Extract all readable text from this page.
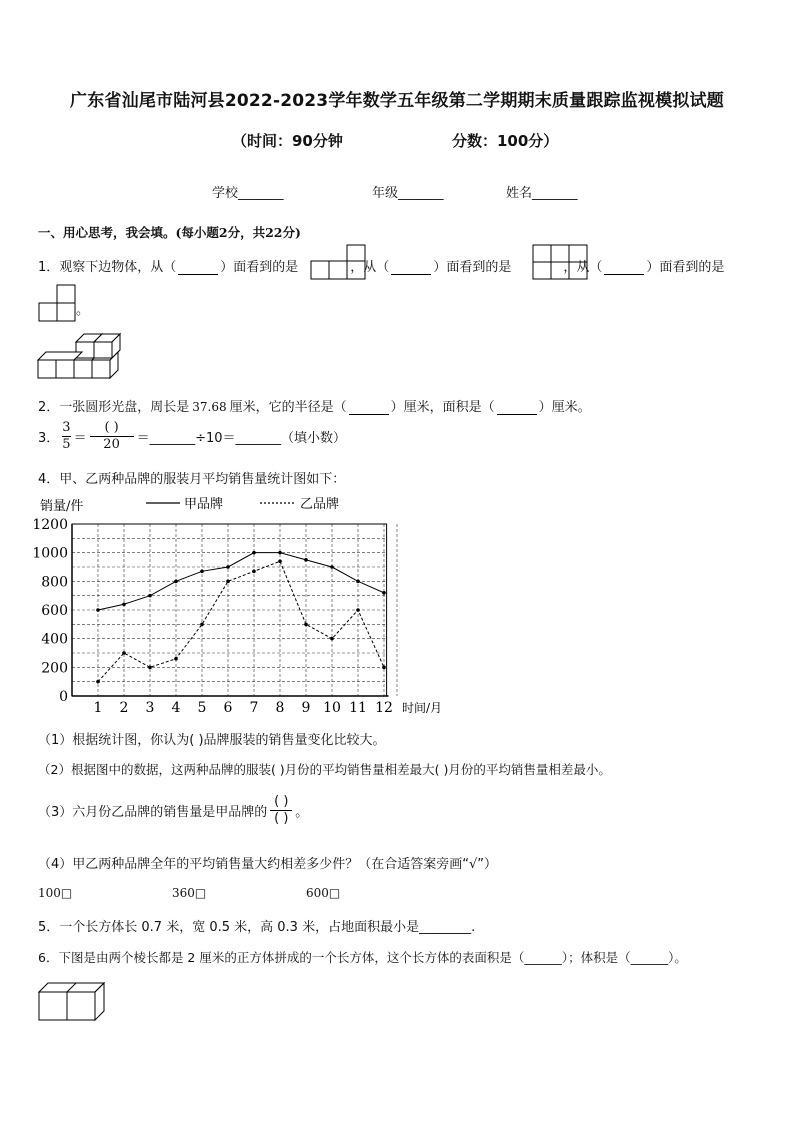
广东省汕尾市陆河县2022-2023学年数学五年级第二学期期末质量跟踪监视模拟试题
（时间：90分钟	分数：100分）
学校_______	年级_______	姓名_______
一、用心思考，我会填。(每小题2分，共22分)
1．观察下边物体，从（	）面看到的是	，从（	）面看到的是	，从（	）面看到的是
。
2．一张圆形光盘，周长是 37.68 厘米，它的半径是（	）厘米，面积是（	）厘米。
3． $\frac{3}{5} = \frac{( )}{20}$ ＝_______÷10＝_______（填小数）
4．甲、乙两种品牌的服装月平均销售量统计图如下：
0
200
400
600
800
1000
1200
1 2 3 4 5 6 7 8 9 10 11 12
销量/件
时间/月
甲品牌	乙品牌
（1）根据统计图，你认为( )品牌服装的销售量变化比较大。
（2）根据图中的数据，这两种品牌的服装( )月份的平均销售量相差最大( )月份的平均销售量相差最小。
（3）六月份乙品牌的销售量是甲品牌的 $\frac{( )}{( )}$ 。
（4）甲乙两种品牌全年的平均销售量大约相差多少件？（在合适答案旁画“√”）
100□	360□	600□
5．一个长方体长 0.7 米，宽 0.5 米，高 0.3 米，占地面积最小是________.
6．下图是由两个棱长都是 2 厘米的正方体拼成的一个长方体，这个长方体的表面积是（______）；体积是（______）。
